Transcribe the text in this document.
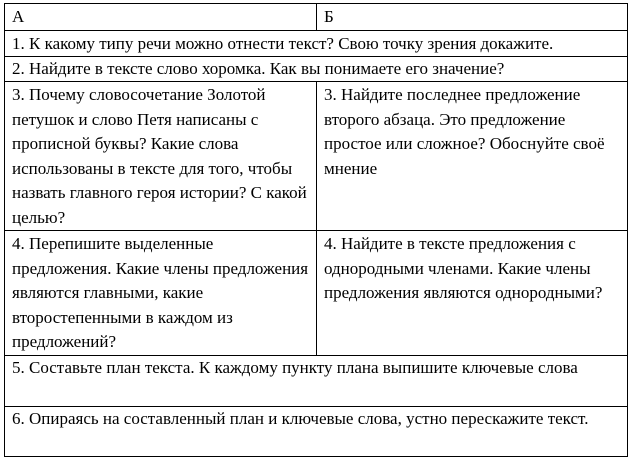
А	Б
1. К какому типу речи можно отнести текст? Свою точку зрения докажите.	
2. Найдите в тексте слово хоромка. Как вы понимаете его значение?	
3. Почему словосочетание Золотой петушок и слово Петя написаны с прописной буквы? Какие слова использованы в тексте для того, чтобы назвать главного героя истории? С какой целью?	3. Найдите последнее предложение второго абзаца. Это предложение простое или сложное? Обоснуйте своё мнение
4. Перепишите выделенные предложения. Какие члены предложения являются главными, какие второстепенными в каждом из предложений?	4. Найдите в тексте предложения с однородными членами. Какие члены предложения являются однородными?
5. Составьте план текста. К каждому пункту плана выпишите ключевые слова	
6. Опираясь на составленный план и ключевые слова, устно перескажите текст.	
